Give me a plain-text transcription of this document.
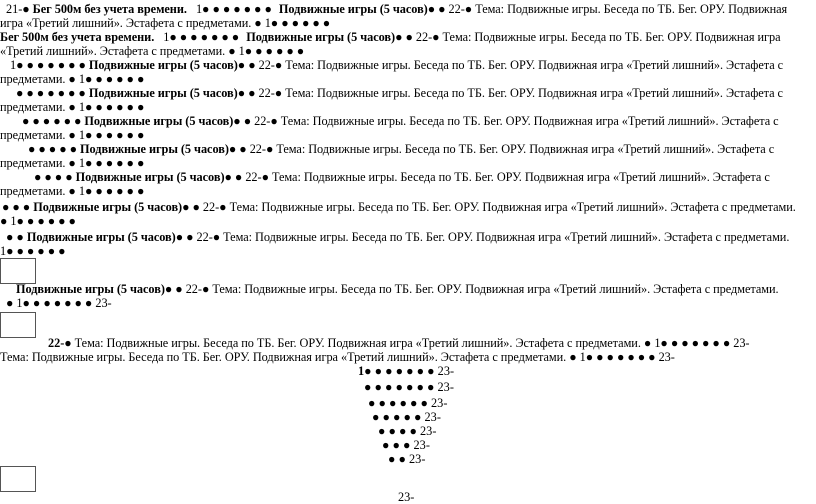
21-● Бег 500м без учета времени. 1● ● ● ● ● ● ● Подвижные игры (5 часов)● ● 22-● Тема: Подвижные игры. Беседа по ТБ. Бег. ОРУ. Подвижная
игра «Третий лишний». Эстафета с предметами. ● 1● ● ● ● ● ●
Бег 500м без учета времени. 1● ● ● ● ● ● ● Подвижные игры (5 часов)● ● 22-● Тема: Подвижные игры. Беседа по ТБ. Бег. ОРУ. Подвижная игра
«Третий лишний». Эстафета с предметами. ● 1● ● ● ● ● ●
1● ● ● ● ● ● ● Подвижные игры (5 часов)● ● 22-● Тема: Подвижные игры. Беседа по ТБ. Бег. ОРУ. Подвижная игра «Третий лишний». Эстафета с
предметами. ● 1● ● ● ● ● ●
● ● ● ● ● ● ● Подвижные игры (5 часов)● ● 22-● Тема: Подвижные игры. Беседа по ТБ. Бег. ОРУ. Подвижная игра «Третий лишний». Эстафета с
предметами. ● 1● ● ● ● ● ●
● ● ● ● ● ● Подвижные игры (5 часов)● ● 22-● Тема: Подвижные игры. Беседа по ТБ. Бег. ОРУ. Подвижная игра «Третий лишний». Эстафета с
предметами. ● 1● ● ● ● ● ●
● ● ● ● ● Подвижные игры (5 часов)● ● 22-● Тема: Подвижные игры. Беседа по ТБ. Бег. ОРУ. Подвижная игра «Третий лишний». Эстафета с
предметами. ● 1● ● ● ● ● ●
● ● ● ● Подвижные игры (5 часов)● ● 22-● Тема: Подвижные игры. Беседа по ТБ. Бег. ОРУ. Подвижная игра «Третий лишний». Эстафета с
предметами. ● 1● ● ● ● ● ●
● ● ● Подвижные игры (5 часов)● ● 22-● Тема: Подвижные игры. Беседа по ТБ. Бег. ОРУ. Подвижная игра «Третий лишний». Эстафета с предметами.
● 1● ● ● ● ● ●
● ● Подвижные игры (5 часов)● ● 22-● Тема: Подвижные игры. Беседа по ТБ. Бег. ОРУ. Подвижная игра «Третий лишний». Эстафета с предметами.
1● ● ● ● ● ●
Подвижные игры (5 часов)● ● 22-● Тема: Подвижные игры. Беседа по ТБ. Бег. ОРУ. Подвижная игра «Третий лишний». Эстафета с предметами.
● 1● ● ● ● ● ● ● 23-
22-● Тема: Подвижные игры. Беседа по ТБ. Бег. ОРУ. Подвижная игра «Третий лишний». Эстафета с предметами. ● 1● ● ● ● ● ● ● 23-
Тема: Подвижные игры. Беседа по ТБ. Бег. ОРУ. Подвижная игра «Третий лишний». Эстафета с предметами. ● 1● ● ● ● ● ● ● 23-
1● ● ● ● ● ● ● 23-
● ● ● ● ● ● ● 23-
● ● ● ● ● ● 23-
● ● ● ● ● 23-
● ● ● ● 23-
● ● ● 23-
● ● 23-
23-
